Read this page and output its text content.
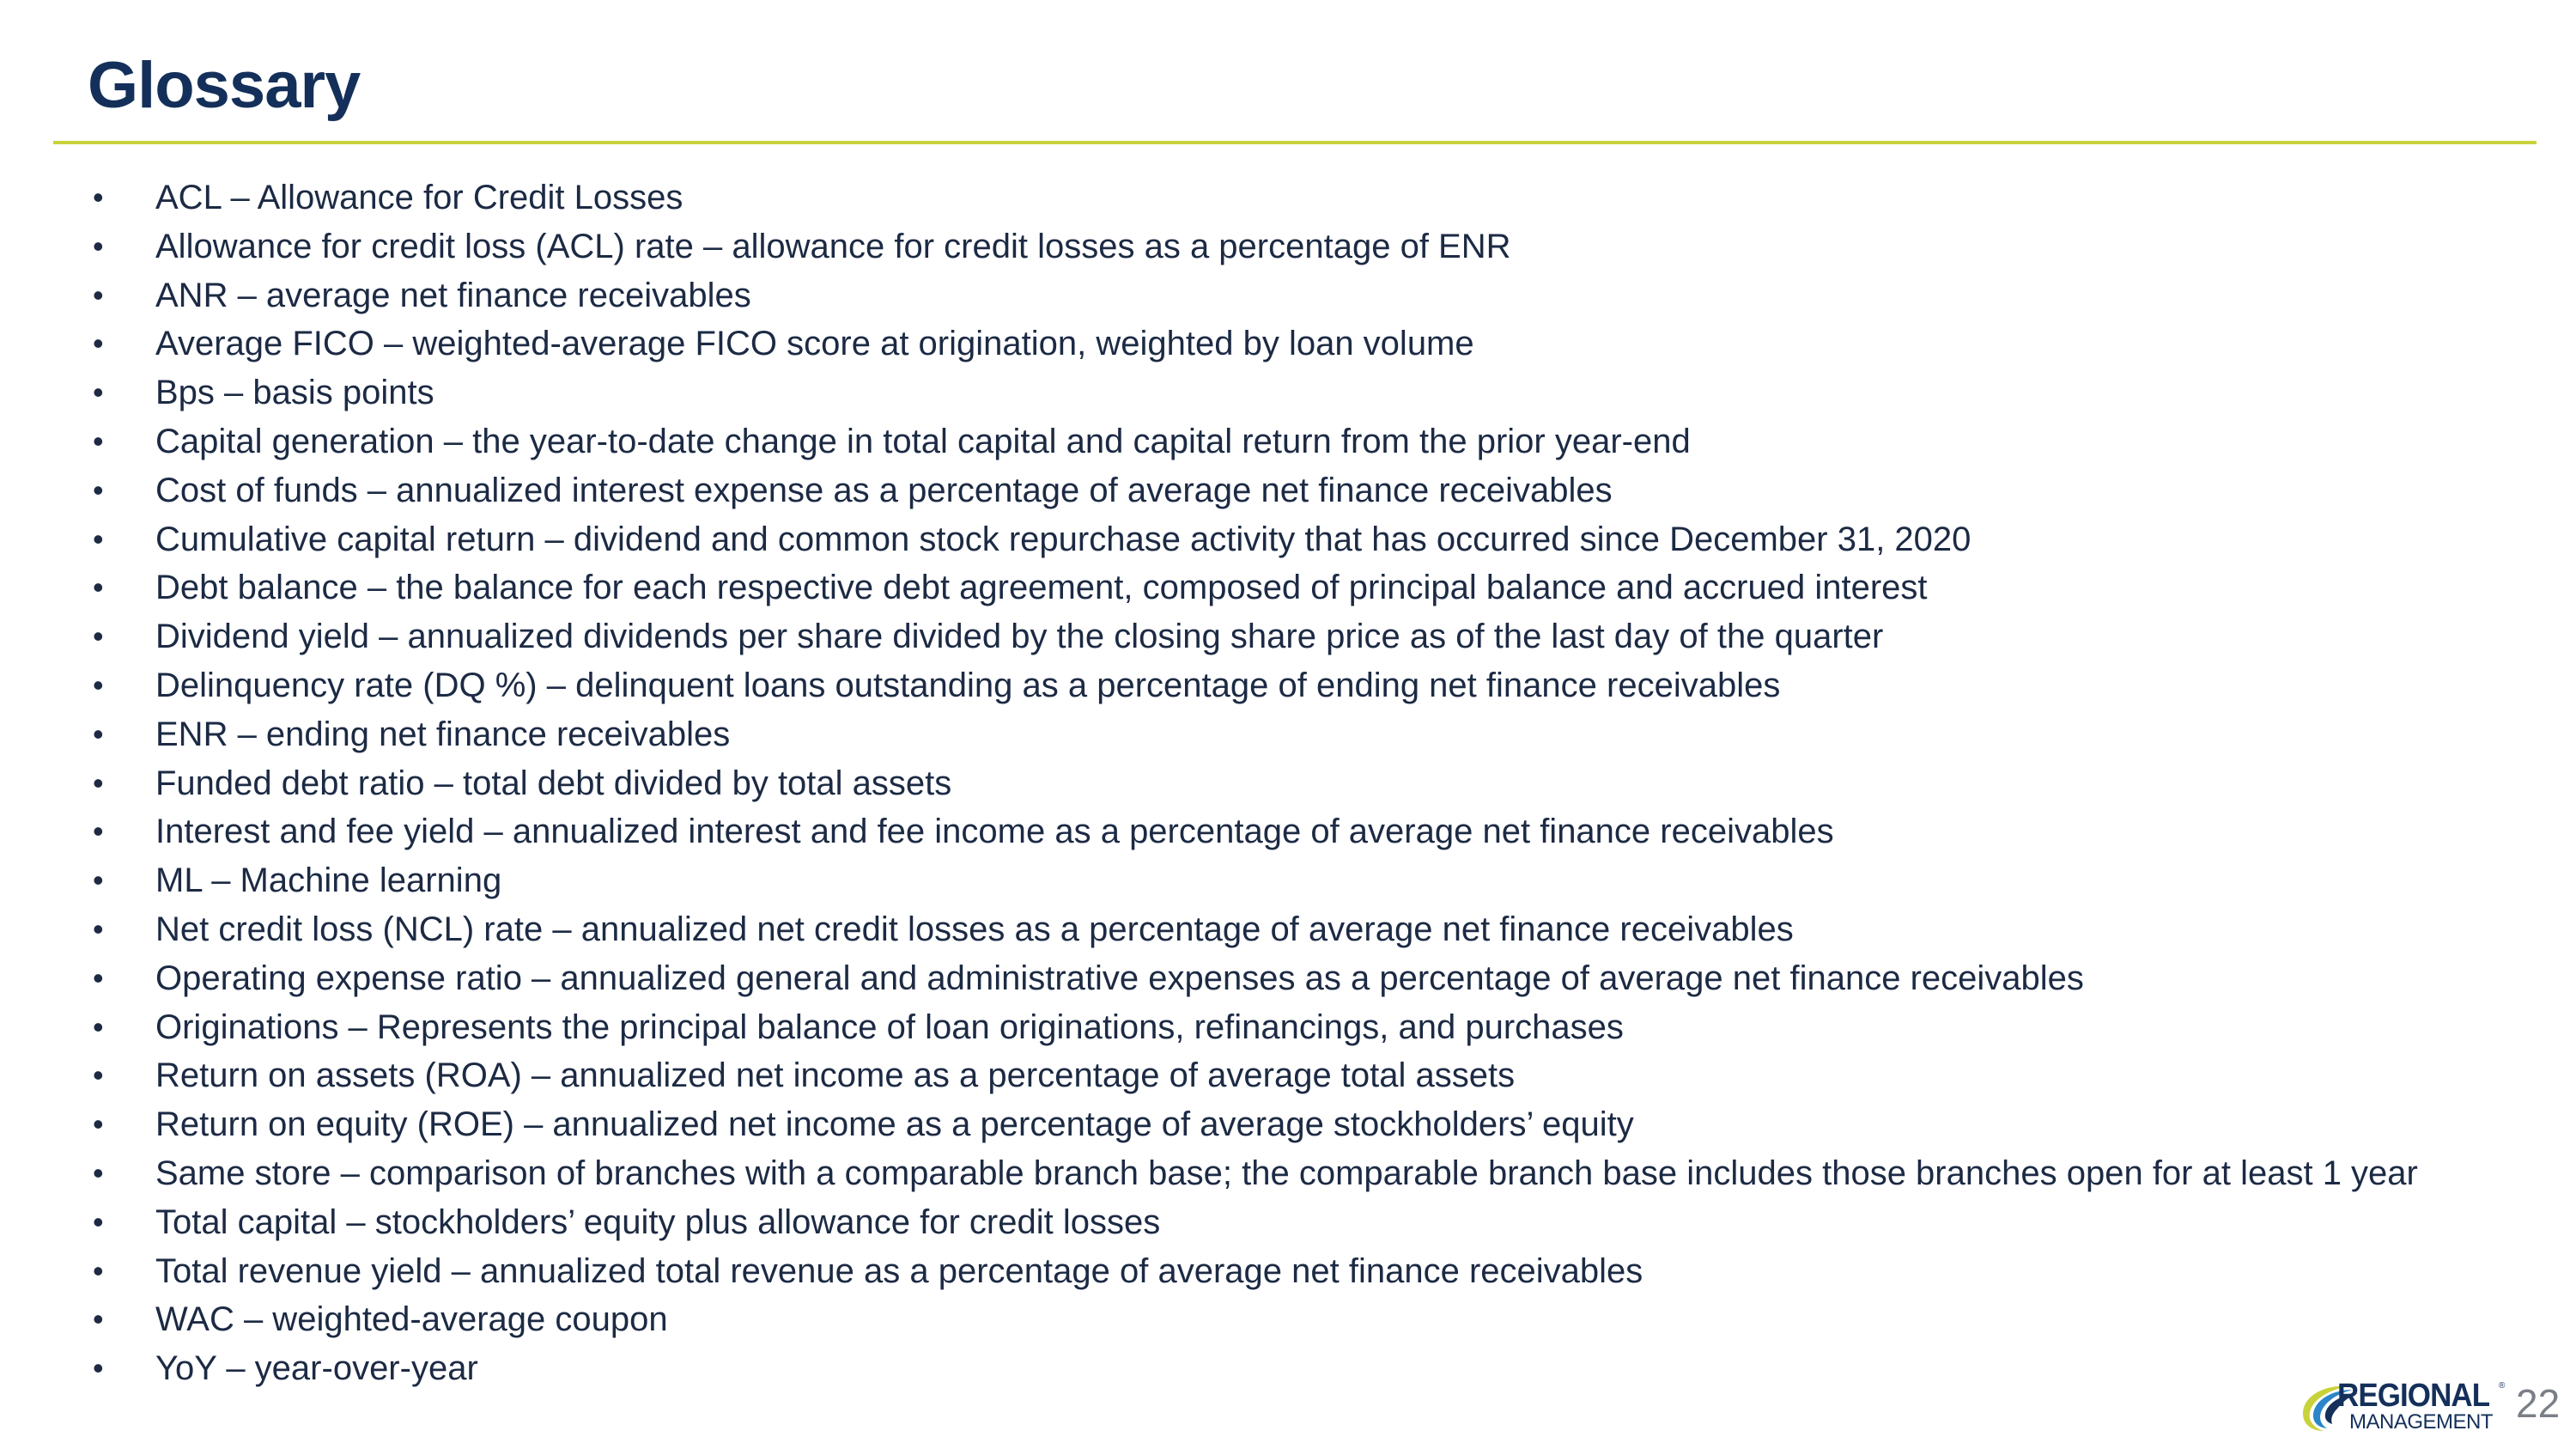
Glossary
• ACL – Allowance for Credit Losses
• Allowance for credit loss (ACL) rate – allowance for credit losses as a percentage of ENR
• ANR – average net finance receivables
• Average FICO – weighted-average FICO score at origination, weighted by loan volume
• Bps – basis points
• Capital generation – the year-to-date change in total capital and capital return from the prior year-end
• Cost of funds – annualized interest expense as a percentage of average net finance receivables
• Cumulative capital return – dividend and common stock repurchase activity that has occurred since December 31, 2020
• Debt balance – the balance for each respective debt agreement, composed of principal balance and accrued interest
• Dividend yield – annualized dividends per share divided by the closing share price as of the last day of the quarter
• Delinquency rate (DQ %) – delinquent loans outstanding as a percentage of ending net finance receivables
• ENR – ending net finance receivables
• Funded debt ratio – total debt divided by total assets
• Interest and fee yield – annualized interest and fee income as a percentage of average net finance receivables
• ML – Machine learning
• Net credit loss (NCL) rate – annualized net credit losses as a percentage of average net finance receivables
• Operating expense ratio – annualized general and administrative expenses as a percentage of average net finance receivables
• Originations – Represents the principal balance of loan originations, refinancings, and purchases
• Return on assets (ROA) – annualized net income as a percentage of average total assets
• Return on equity (ROE) – annualized net income as a percentage of average stockholders’ equity
• Same store – comparison of branches with a comparable branch base; the comparable branch base includes those branches open for at least 1 year
• Total capital – stockholders’ equity plus allowance for credit losses
• Total revenue yield – annualized total revenue as a percentage of average net finance receivables
• WAC – weighted-average coupon
• YoY – year-over-year
REGIONAL ®
MANAGEMENT 22
